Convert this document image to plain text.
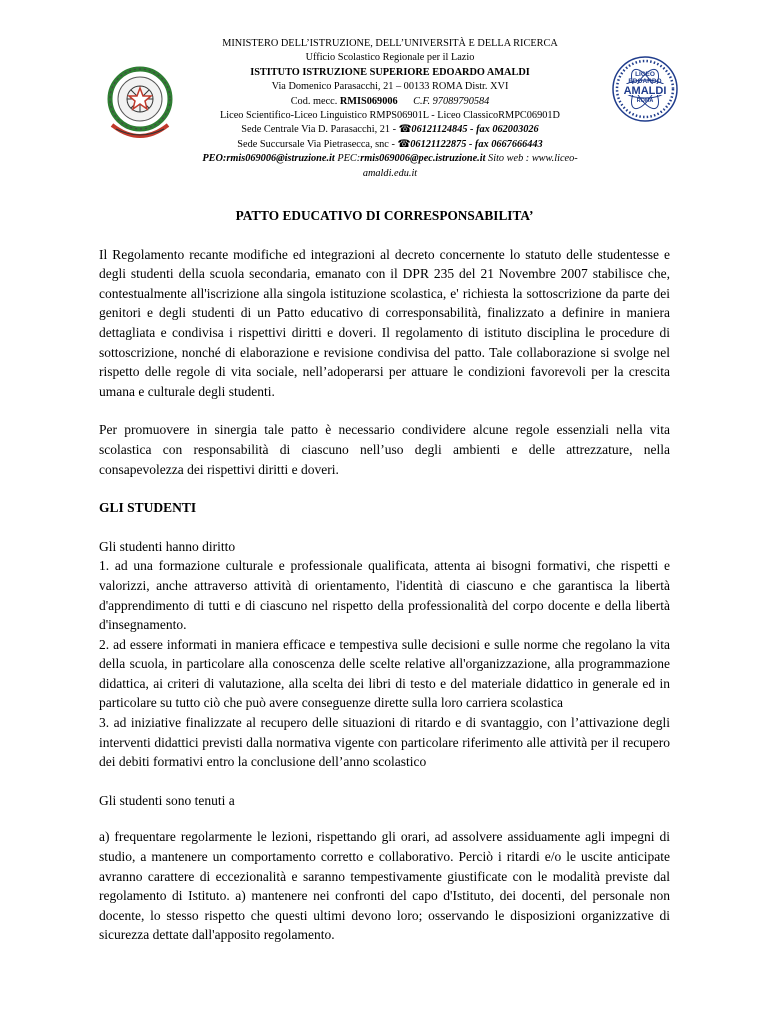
MINISTERO DELL’ISTRUZIONE, DELL’UNIVERSITÀ E DELLA RICERCA
Ufficio Scolastico Regionale per il Lazio
ISTITUTO ISTRUZIONE SUPERIORE EDOARDO AMALDI
Via Domenico Parasacchi, 21 – 00133 ROMA Distr. XVI
Cod. mecc. RMIS069006 C.F. 97089790584
Liceo Scientifico-Liceo Linguistico RMPS06901L - Liceo ClassicoRMPC06901D
Sede Centrale Via D. Parasacchi, 21 - ☎06121124845 - fax 062003026
Sede Succursale Via Pietrasecca, snc - ☎06121122875 - fax 0667666443
PEO:rmis069006@istruzione.it PEC:rmis069006@pec.istruzione.it Sito web : www.liceo-
amaldi.edu.it
LICEO
EDOARDO
AMALDI
ROMA
PATTO EDUCATIVO DI CORRESPONSABILITA’

Il Regolamento recante modifiche ed integrazioni al decreto concernente lo statuto delle studentesse e degli studenti della scuola secondaria, emanato con il DPR 235 del 21 Novembre 2007 stabilisce che, contestualmente all'iscrizione alla singola istituzione scolastica, e' richiesta la sottoscrizione da parte dei genitori e degli studenti di un Patto educativo di corresponsabilità, finalizzato a definire in maniera dettagliata e condivisa i rispettivi diritti e doveri. Il regolamento di istituto disciplina le procedure di sottoscrizione, nonché di elaborazione e revisione condivisa del patto. Tale collaborazione si svolge nel rispetto delle regole di vita sociale, nell’adoperarsi per attuare le condizioni favorevoli per la crescita umana e culturale degli studenti.

Per promuovere in sinergia tale patto è necessario condividere alcune regole essenziali nella vita scolastica con responsabilità di ciascuno nell’uso degli ambienti e delle attrezzature, nella consapevolezza dei rispettivi diritti e doveri.

GLI STUDENTI

Gli studenti hanno diritto

1. ad una formazione culturale e professionale qualificata, attenta ai bisogni formativi, che rispetti e valorizzi, anche attraverso attività di orientamento, l'identità di ciascuno e che garantisca la libertà d'apprendimento di tutti e di ciascuno nel rispetto della professionalità del corpo docente e della libertà d'insegnamento.

2. ad essere informati in maniera efficace e tempestiva sulle decisioni e sulle norme che regolano la vita della scuola, in particolare alla conoscenza delle scelte relative all'organizzazione, alla programmazione didattica, ai criteri di valutazione, alla scelta dei libri di testo e del materiale didattico in generale ed in particolare su tutto ciò che può avere conseguenze dirette sulla loro carriera scolastica

3. ad iniziative finalizzate al recupero delle situazioni di ritardo e di svantaggio, con l’attivazione degli interventi didattici previsti dalla normativa vigente con particolare riferimento alle attività per il recupero dei debiti formativi entro la conclusione dell’anno scolastico

Gli studenti sono tenuti a

a) frequentare regolarmente le lezioni, rispettando gli orari, ad assolvere assiduamente agli impegni di studio, a mantenere un comportamento corretto e collaborativo. Perciò i ritardi e/o le uscite anticipate avranno carattere di eccezionalità e saranno tempestivamente giustificate con le modalità previste dal regolamento di Istituto. a) mantenere nei confronti del capo d'Istituto, dei docenti, del personale non docente, lo stesso rispetto che questi ultimi devono loro; osservando le disposizioni organizzative di sicurezza dettate dall'apposito regolamento.
